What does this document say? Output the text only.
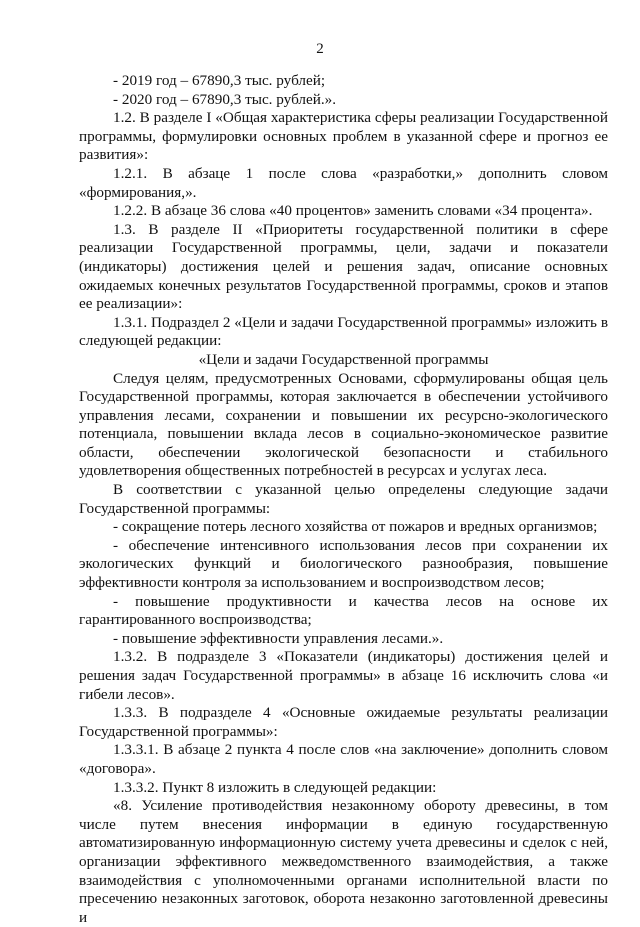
2

- 2019 год – 67890,3 тыс. рублей;

- 2020 год – 67890,3 тыс. рублей.».

1.2. В разделе I «Общая характеристика сферы реализации Государственной программы, формулировки основных проблем в указанной сфере и прогноз ее развития»:

1.2.1. В абзаце 1 после слова «разработки,» дополнить словом «формирования,».

1.2.2. В абзаце 36 слова «40 процентов» заменить словами «34 процента».

1.3. В разделе II «Приоритеты государственной политики в сфере реализации Государственной программы, цели, задачи и показатели (индикаторы) достижения целей и решения задач, описание основных ожидаемых конечных результатов Государственной программы, сроков и этапов ее реализации»:

1.3.1. Подраздел 2 «Цели и задачи Государственной программы» изложить в следующей редакции:

«Цели и задачи Государственной программы

Следуя целям, предусмотренных Основами, сформулированы общая цель Государственной программы, которая заключается в обеспечении устойчивого управления лесами, сохранении и повышении их ресурсно-экологического потенциала, повышении вклада лесов в социально-экономическое развитие области, обеспечении экологической безопасности и стабильного удовлетворения общественных потребностей в ресурсах и услугах леса.

В соответствии с указанной целью определены следующие задачи Государственной программы:

- сокращение потерь лесного хозяйства от пожаров и вредных организмов;

- обеспечение интенсивного использования лесов при сохранении их экологических функций и биологического разнообразия, повышение эффективности контроля за использованием и воспроизводством лесов;

- повышение продуктивности и качества лесов на основе их гарантированного воспроизводства;

- повышение эффективности управления лесами.».

1.3.2. В подразделе 3 «Показатели (индикаторы) достижения целей и решения задач Государственной программы» в абзаце 16 исключить слова «и гибели лесов».

1.3.3. В подразделе 4 «Основные ожидаемые результаты реализации Государственной программы»:

1.3.3.1. В абзаце 2 пункта 4 после слов «на заключение» дополнить словом «договора».

1.3.3.2. Пункт 8 изложить в следующей редакции:

«8. Усиление противодействия незаконному обороту древесины, в том числе путем внесения информации в единую государственную автоматизированную информационную систему учета древесины и сделок с ней, организации эффективного межведомственного взаимодействия, а также взаимодействия с уполномоченными органами исполнительной власти по пресечению незаконных заготовок, оборота незаконно заготовленной древесины и
